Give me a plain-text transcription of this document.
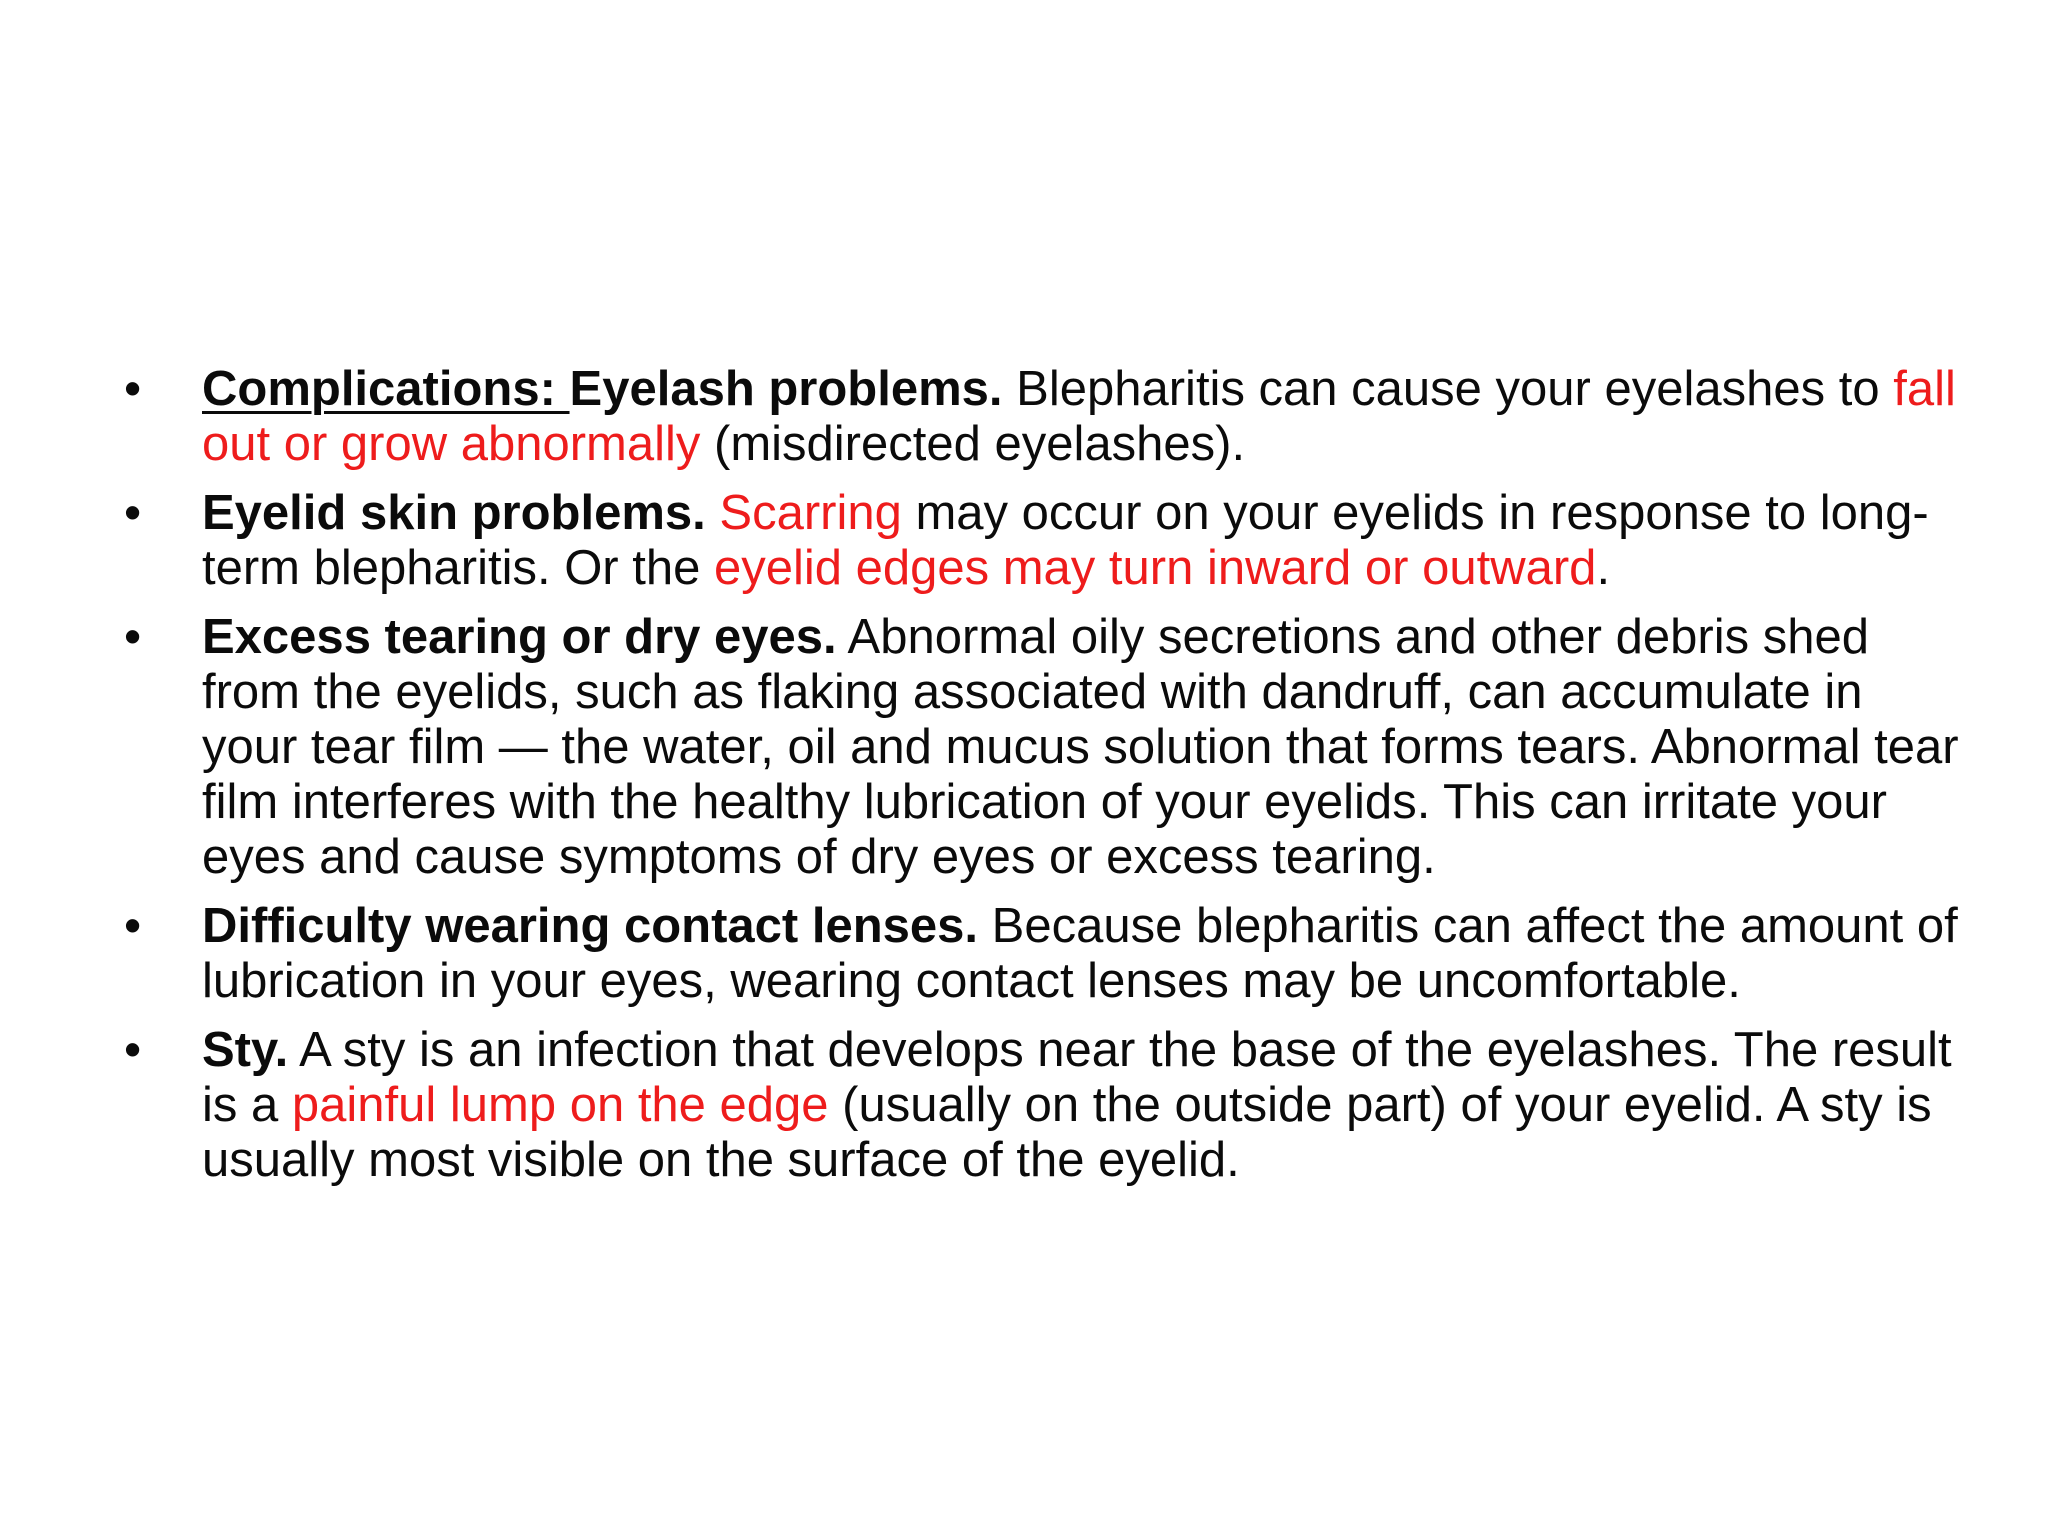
• Complications: Eyelash problems. Blepharitis can cause your eyelashes to fall out or grow abnormally (misdirected eyelashes).
• Eyelid skin problems. Scarring may occur on your eyelids in response to long-term blepharitis. Or the eyelid edges may turn inward or outward.
• Excess tearing or dry eyes. Abnormal oily secretions and other debris shed from the eyelids, such as flaking associated with dandruff, can accumulate in your tear film — the water, oil and mucus solution that forms tears. Abnormal tear film interferes with the healthy lubrication of your eyelids. This can irritate your eyes and cause symptoms of dry eyes or excess tearing.
• Difficulty wearing contact lenses. Because blepharitis can affect the amount of lubrication in your eyes, wearing contact lenses may be uncomfortable.
• Sty. A sty is an infection that develops near the base of the eyelashes. The result is a painful lump on the edge (usually on the outside part) of your eyelid. A sty is usually most visible on the surface of the eyelid.
